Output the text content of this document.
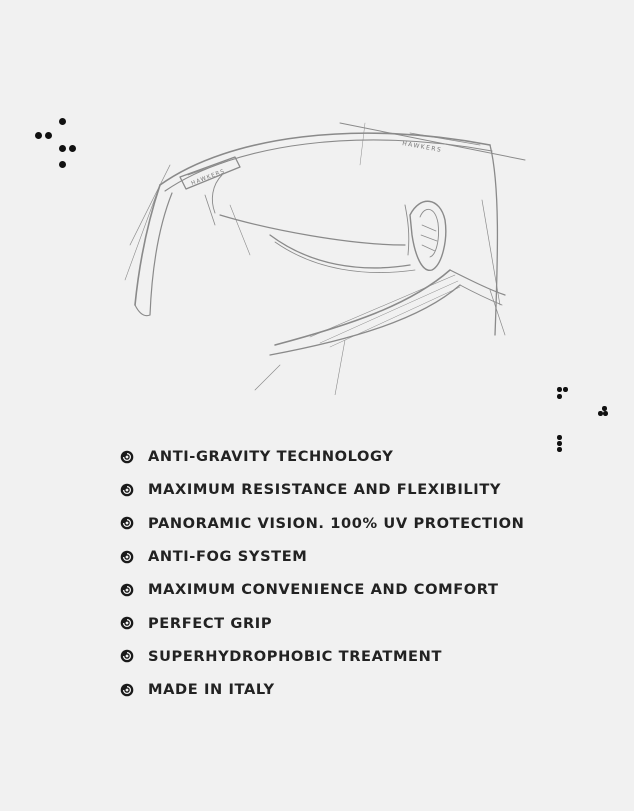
HAWKERS
HAWKERS
ANTI-GRAVITY TECHNOLOGY
MAXIMUM RESISTANCE AND FLEXIBILITY
PANORAMIC VISION. 100% UV PROTECTION
ANTI-FOG SYSTEM
MAXIMUM CONVENIENCE AND COMFORT
PERFECT GRIP
SUPERHYDROPHOBIC TREATMENT
MADE IN ITALY
